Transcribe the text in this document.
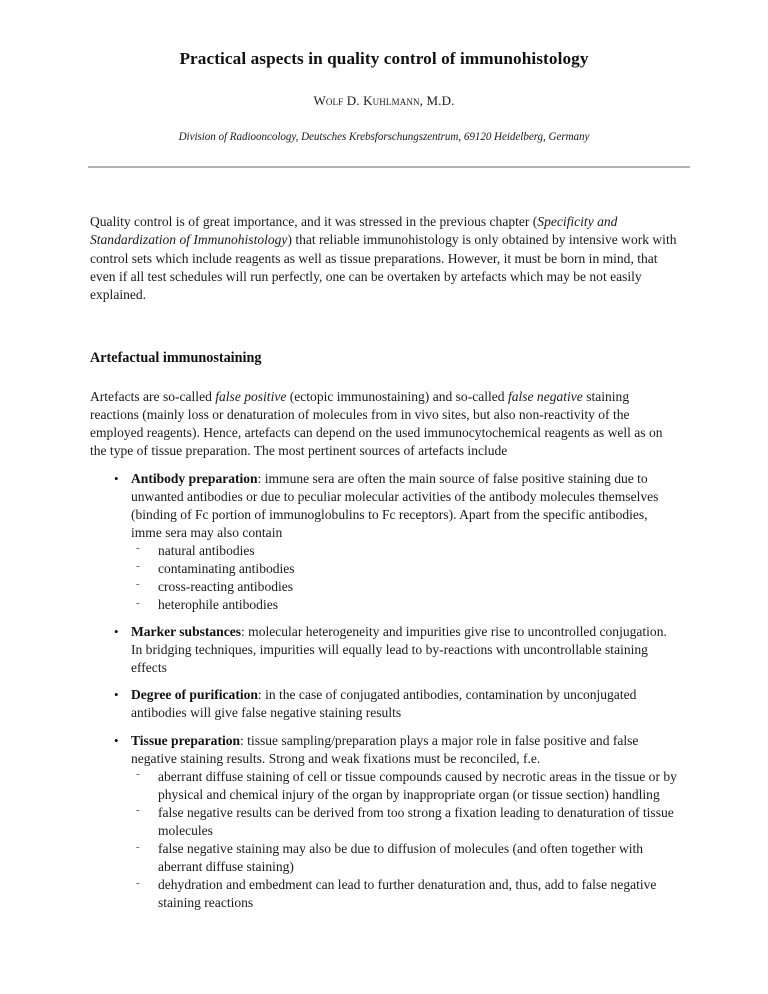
Practical aspects in quality control of immunohistology

Wolf D. Kuhlmann, M.D.

Division of Radiooncology, Deutsches Krebsforschungszentrum, 69120 Heidelberg, Germany

Quality control is of great importance, and it was stressed in the previous chapter (Specificity and Standardization of Immunohistology) that reliable immunohistology is only obtained by intensive work with control sets which include reagents as well as tissue preparations. However, it must be born in mind, that even if all test schedules will run perfectly, one can be overtaken by artefacts which may be not easily explained.

Artefactual immunostaining

Artefacts are so-called false positive (ectopic immunostaining) and so-called false negative staining reactions (mainly loss or denaturation of molecules from in vivo sites, but also non-reactivity of the employed reagents). Hence, artefacts can depend on the used immunocytochemical reagents as well as on the type of tissue preparation. The most pertinent sources of artefacts include

• Antibody preparation: immune sera are often the main source of false positive staining due to unwanted antibodies or due to peculiar molecular activities of the antibody molecules themselves (binding of Fc portion of immunoglobulins to Fc receptors). Apart from the specific antibodies, imme sera may also contain
- natural antibodies
- contaminating antibodies
- cross-reacting antibodies
- heterophile antibodies
• Marker substances: molecular heterogeneity and impurities give rise to uncontrolled conjugation. In bridging techniques, impurities will equally lead to by-reactions with uncontrollable staining effects
• Degree of purification: in the case of conjugated antibodies, contamination by unconjugated antibodies will give false negative staining results
• Tissue preparation: tissue sampling/preparation plays a major role in false positive and false negative staining results. Strong and weak fixations must be reconciled, f.e.
- aberrant diffuse staining of cell or tissue compounds caused by necrotic areas in the tissue or by physical and chemical injury of the organ by inappropriate organ (or tissue section) handling
- false negative results can be derived from too strong a fixation leading to denaturation of tissue molecules
- false negative staining may also be due to diffusion of molecules (and often together with aberrant diffuse staining)
- dehydration and embedment can lead to further denaturation and, thus, add to false negative staining reactions
